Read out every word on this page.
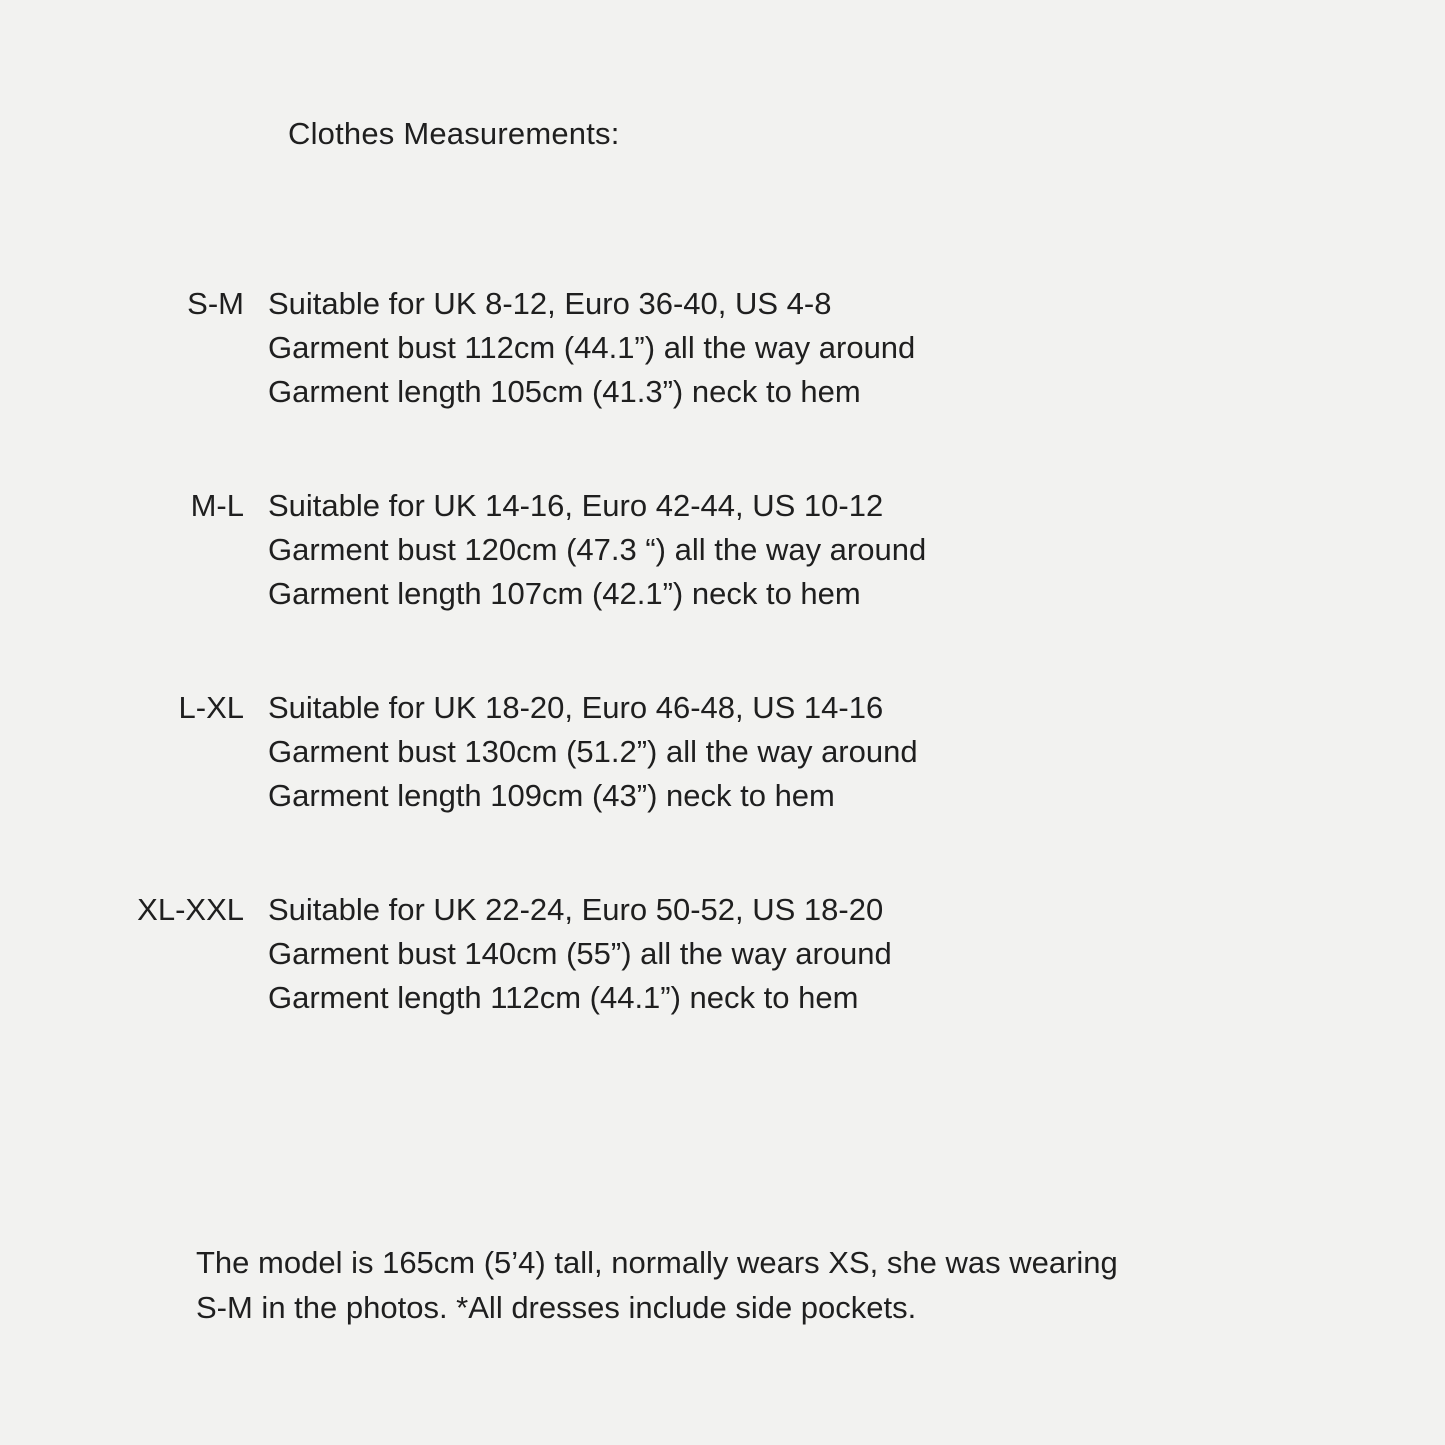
Clothes Measurements:
S-M Suitable for UK 8-12, Euro 36-40, US 4-8
Garment bust 112cm (44.1”) all the way around
Garment length 105cm (41.3”) neck to hem
M-L Suitable for UK 14-16, Euro 42-44, US 10-12
Garment bust 120cm (47.3 “) all the way around
Garment length 107cm (42.1”) neck to hem
L-XL Suitable for UK 18-20, Euro 46-48, US 14-16
Garment bust 130cm (51.2”) all the way around
Garment length 109cm (43”) neck to hem
XL-XXL Suitable for UK 22-24, Euro 50-52, US 18-20
Garment bust 140cm (55”) all the way around
Garment length 112cm (44.1”) neck to hem
The model is 165cm (5’4) tall, normally wears XS, she was wearing
S-M in the photos. *All dresses include side pockets.
